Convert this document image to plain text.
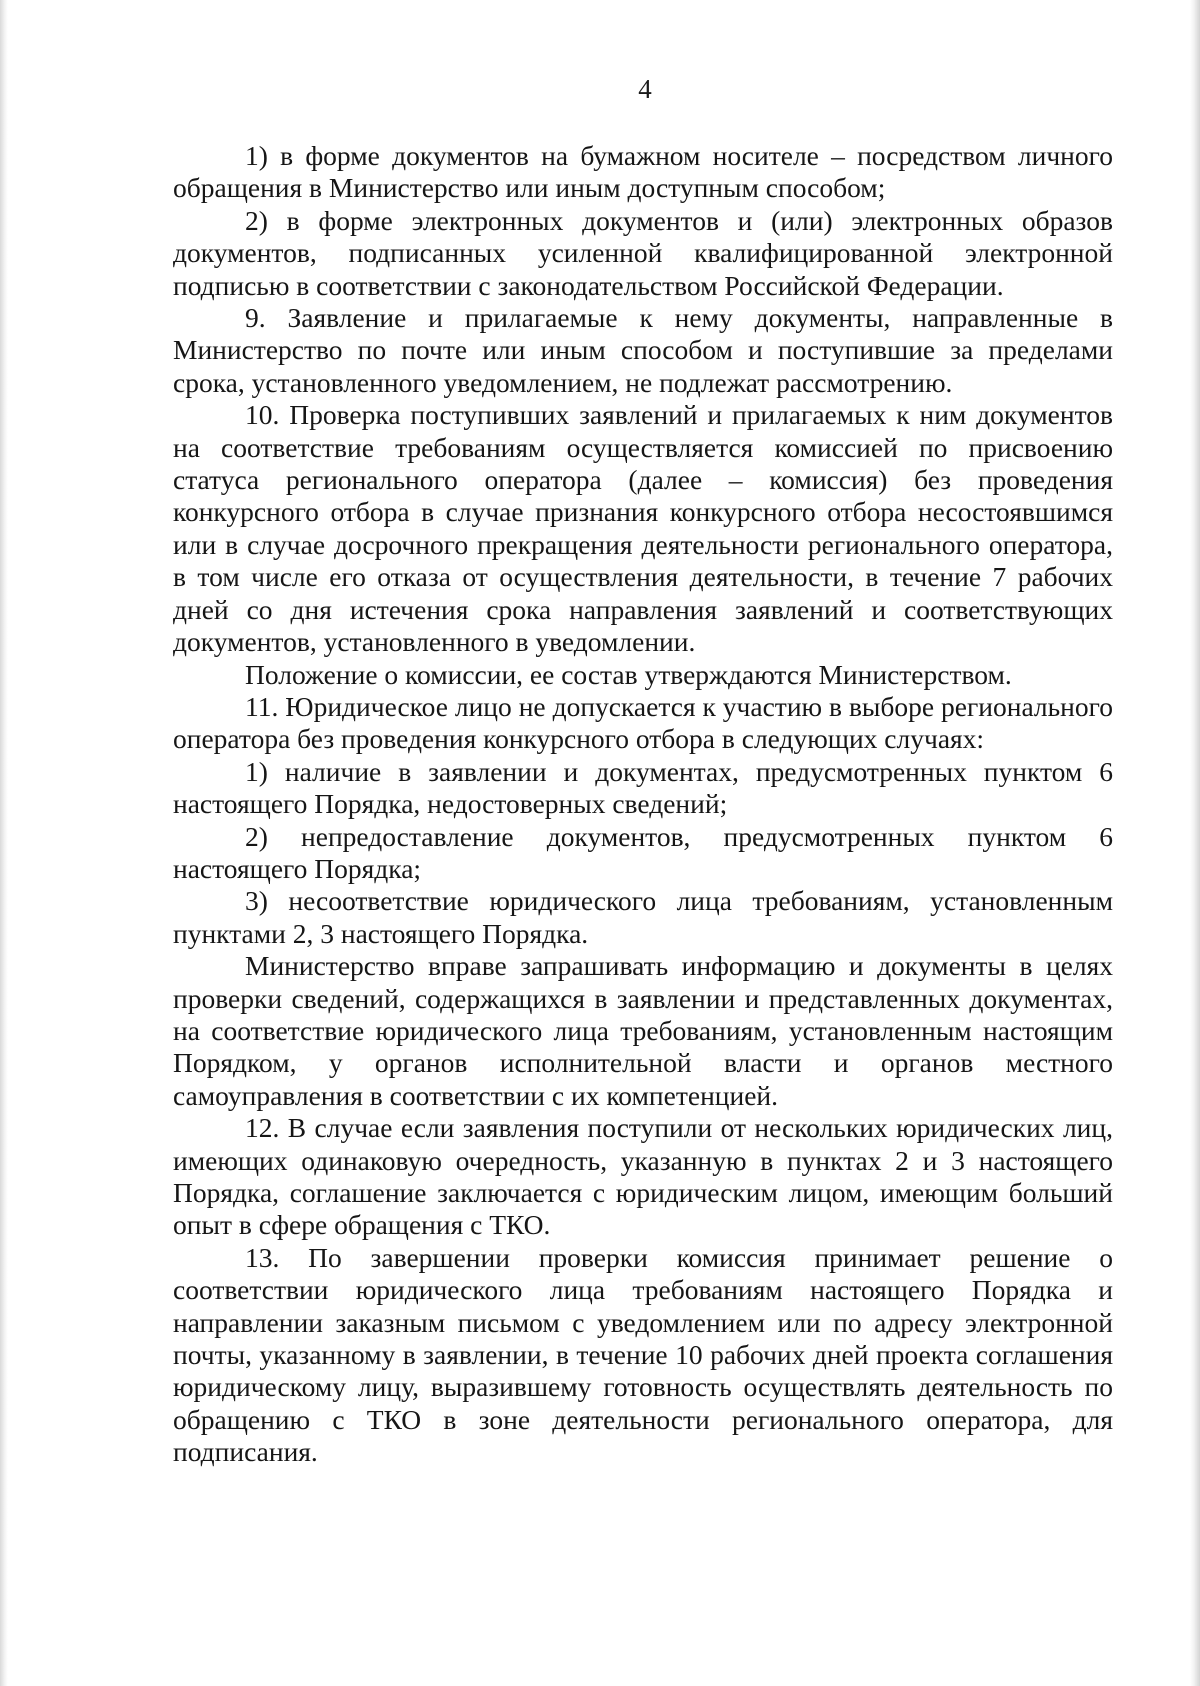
4

1) в форме документов на бумажном носителе – посредством личного обращения в Министерство или иным доступным способом;

2) в форме электронных документов и (или) электронных образов документов, подписанных усиленной квалифицированной электронной подписью в соответствии с законодательством Российской Федерации.

9. Заявление и прилагаемые к нему документы, направленные в Министерство по почте или иным способом и поступившие за пределами срока, установленного уведомлением, не подлежат рассмотрению.

10. Проверка поступивших заявлений и прилагаемых к ним документов на соответствие требованиям осуществляется комиссией по присвоению статуса регионального оператора (далее – комиссия) без проведения конкурсного отбора в случае признания конкурсного отбора несостоявшимся или в случае досрочного прекращения деятельности регионального оператора, в том числе его отказа от осуществления деятельности, в течение 7 рабочих дней со дня истечения срока направления заявлений и соответствующих документов, установленного в уведомлении.

Положение о комиссии, ее состав утверждаются Министерством.

11. Юридическое лицо не допускается к участию в выборе регионального оператора без проведения конкурсного отбора в следующих случаях:

1) наличие в заявлении и документах, предусмотренных пунктом 6 настоящего Порядка, недостоверных сведений;

2) непредоставление документов, предусмотренных пунктом 6 настоящего Порядка;

3) несоответствие юридического лица требованиям, установленным пунктами 2, 3 настоящего Порядка.

Министерство вправе запрашивать информацию и документы в целях проверки сведений, содержащихся в заявлении и представленных документах, на соответствие юридического лица требованиям, установленным настоящим Порядком, у органов исполнительной власти и органов местного самоуправления в соответствии с их компетенцией.

12. В случае если заявления поступили от нескольких юридических лиц, имеющих одинаковую очередность, указанную в пунктах 2 и 3 настоящего Порядка, соглашение заключается с юридическим лицом, имеющим больший опыт в сфере обращения с ТКО.

13. По завершении проверки комиссия принимает решение о соответствии юридического лица требованиям настоящего Порядка и направлении заказным письмом с уведомлением или по адресу электронной почты, указанному в заявлении, в течение 10 рабочих дней проекта соглашения юридическому лицу, выразившему готовность осуществлять деятельность по обращению с ТКО в зоне деятельности регионального оператора, для подписания.
